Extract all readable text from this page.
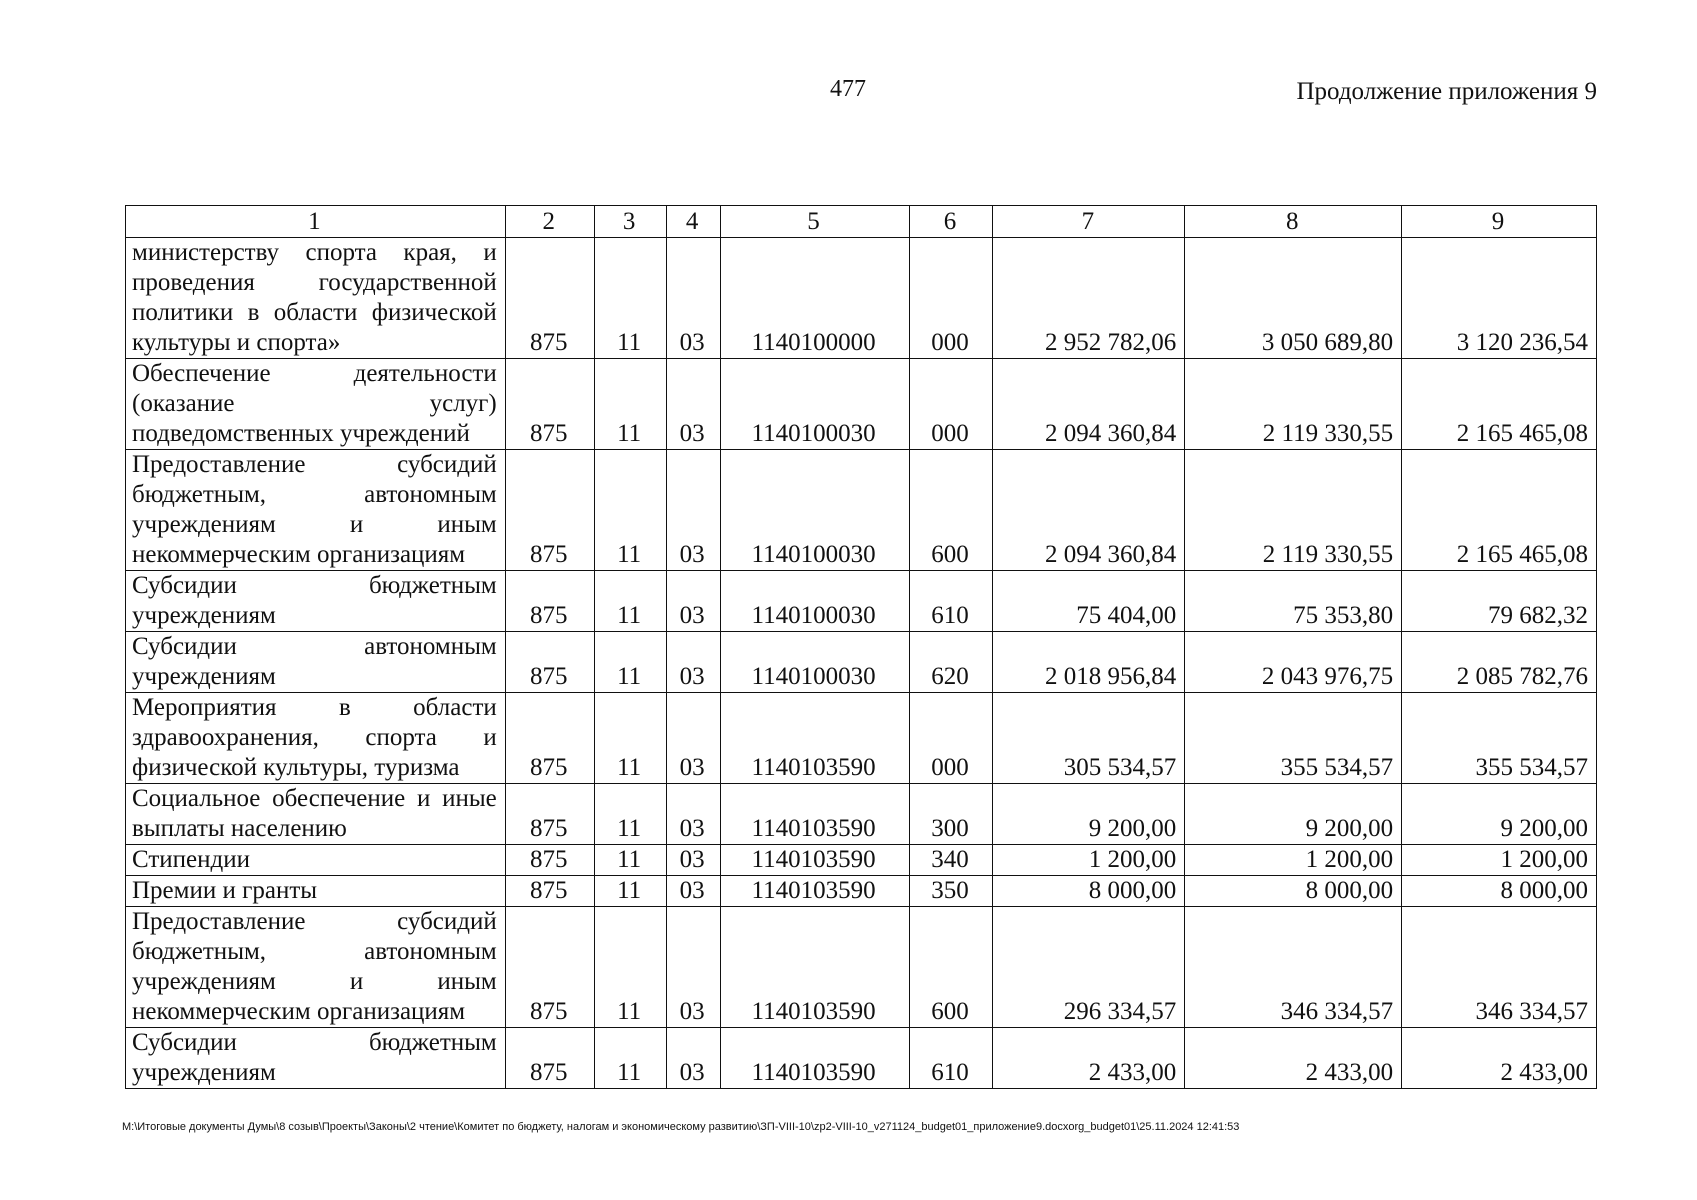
477	Продолжение приложения 9
1	2	3	4	5	6	7	8	9
министерству спорта края, и проведения государственной политики в области физической
культуры и спорта»	875	11	03	1140100000	000	2 952 782,06	3 050 689,80	3 120 236,54
Обеспечение деятельности (оказание услуг)
подведомственных учреждений	875	11	03	1140100030	000	2 094 360,84	2 119 330,55	2 165 465,08
Предоставление субсидий бюджетным, автономным учреждениям и иным
некоммерческим организациям	875	11	03	1140100030	600	2 094 360,84	2 119 330,55	2 165 465,08
Субсидии бюджетным
учреждениям	875	11	03	1140100030	610	75 404,00	75 353,80	79 682,32
Субсидии автономным
учреждениям	875	11	03	1140100030	620	2 018 956,84	2 043 976,75	2 085 782,76
Мероприятия в области здравоохранения, спорта и
физической культуры, туризма	875	11	03	1140103590	000	305 534,57	355 534,57	355 534,57
Социальное обеспечение и иные
выплаты населению	875	11	03	1140103590	300	9 200,00	9 200,00	9 200,00

Стипендии	875	11	03	1140103590	340	1 200,00	1 200,00	1 200,00

Премии и гранты	875	11	03	1140103590	350	8 000,00	8 000,00	8 000,00
Предоставление субсидий бюджетным, автономным учреждениям и иным
некоммерческим организациям	875	11	03	1140103590	600	296 334,57	346 334,57	346 334,57
Субсидии бюджетным
учреждениям	875	11	03	1140103590	610	2 433,00	2 433,00	2 433,00
M:\Итоговые документы Думы\8 созыв\Проекты\Законы\2 чтение\Комитет по бюджету, налогам и экономическому развитию\ЗП-VIII-10\zp2-VIII-10_v271124_budget01_приложение9.docxorg_budget01\25.11.2024 12:41:53
